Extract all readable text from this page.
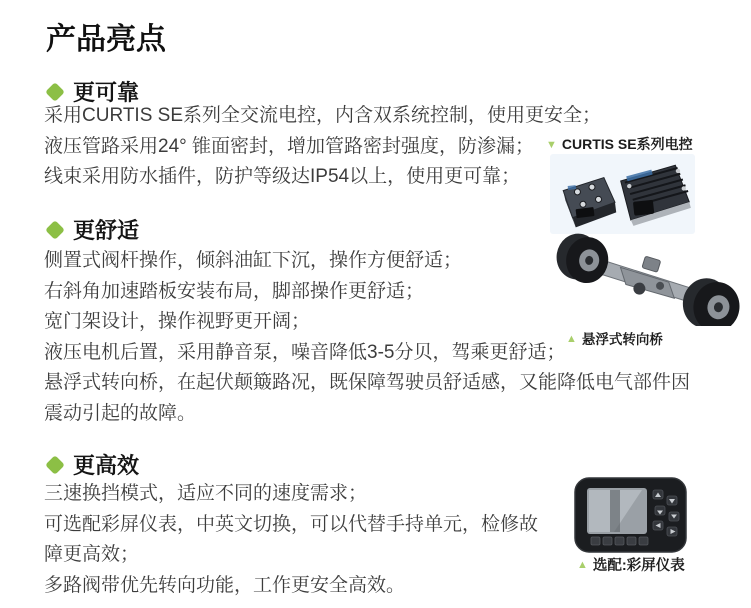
产品亮点
更可靠
采用CURTIS SE系列全交流电控，内含双系统控制，使用更安全；
液压管路采用24° 锥面密封，增加管路密封强度，防渗漏；
线束采用防水插件，防护等级达IP54以上，使用更可靠；
▼ CURTIS SE系列电控
更舒适
侧置式阀杆操作，倾斜油缸下沉，操作方便舒适；
右斜角加速踏板安装布局，脚部操作更舒适；
宽门架设计，操作视野更开阔；
液压电机后置，采用静音泵，噪音降低3-5分贝，驾乘更舒适；
悬浮式转向桥，在起伏颠簸路况，既保障驾驶员舒适感，又能降低电气部件因
震动引起的故障。
▲ 悬浮式转向桥
更高效
三速换挡模式，适应不同的速度需求；
可选配彩屏仪表，中英文切换，可以代替手持单元，检修故
障更高效；
多路阀带优先转向功能，工作更安全高效。
▲ 选配:彩屏仪表
